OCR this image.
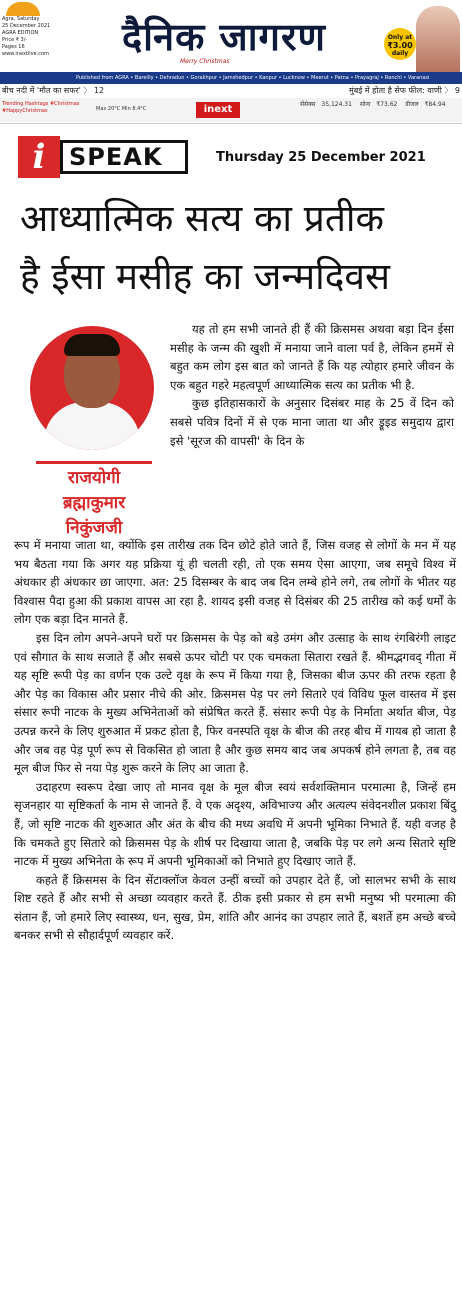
Agra, Saturday
25 December 2021
AGRA EDITION
Price ₹ 3/-
Pages 16
www.inextlive.com	दैनिक जागरण
Merry Christmas
Only at
₹3.00
daily
Published from AGRA • Bareilly • Dehradun • Gorakhpur • Jamshedpur • Kanpur • Lucknow • Meerut • Patna • Prayagraj • Ranchi • Varanasi
बीच नदी में 'मौत का सफर' 〉 12	मुंबई में होता है सेफ फील: वाणी 〉 9
Trending Hashtags #Christmas #HappyChristmas	Max 20°C Min 8.4°C	inext	सेंसेक्स 35,124.31 सोना ₹73.62 डीजल ₹84.94
i SPEAK	Thursday 25 December 2021
आध्यात्मिक सत्य का प्रतीक
है ईसा मसीह का जन्मदिवस
राजयोगी
ब्रह्माकुमार
निकुंजजी

यह तो हम सभी जानते ही हैं की क्रिसमस अथवा बड़ा दिन ईसा मसीह के जन्म की खुशी में मनाया जाने वाला पर्व है, लेकिन हममें से बहुत कम लोग इस बात को जानते हैं कि यह त्योहार हमारे जीवन के एक बहुत गहरे महत्वपूर्ण आध्यात्मिक सत्य का प्रतीक भी है.

कुछ इतिहासकारों के अनुसार दिसंबर माह के 25 वें दिन को सबसे पवित्र दिनों में से एक माना जाता था और ड्रूइड समुदाय द्वारा इसे 'सूरज की वापसी' के दिन के

रूप में मनाया जाता था, क्योंकि इस तारीख तक दिन छोटे होते जाते हैं, जिस वजह से लोगों के मन में यह भय बैठता गया कि अगर यह प्रक्रिया यूं ही चलती रही, तो एक समय ऐसा आएगा, जब समूचे विश्व में अंधकार ही अंधकार छा जाएगा. अत: 25 दिसम्बर के बाद जब दिन लम्बे होने लगे, तब लोगों के भीतर यह विश्वास पैदा हुआ की प्रकाश वापस आ रहा है. शायद इसी वजह से दिसंबर की 25 तारीख को कई धर्मों के लोग एक बड़ा दिन मानते हैं.

इस दिन लोग अपने-अपने घरों पर क्रिसमस के पेड़ को बड़े उमंग और उत्साह के साथ रंगबिरंगी लाइट एवं सौगात के साथ सजाते हैं और सबसे ऊपर चोटी पर एक चमकता सितारा रखते हैं. श्रीमद्भगवद् गीता में यह सृष्टि रूपी पेड़ का वर्णन एक उल्टे वृक्ष के रूप में किया गया है, जिसका बीज ऊपर की तरफ रहता है और पेड़ का विकास और प्रसार नीचे की ओर. क्रिसमस पेड़ पर लगे सितारे एवं विविध फूल वास्तव में इस संसार रूपी नाटक के मुख्य अभिनेताओं को संप्रेषित करते हैं. संसार रूपी पेड़ के निर्माता अर्थात बीज, पेड़ उत्पन्न करने के लिए शुरुआत में प्रकट होता है, फिर वनस्पति वृक्ष के बीज की तरह बीच में गायब हो जाता है और जब वह पेड़ पूर्ण रूप से विकसित हो जाता है और कुछ समय बाद जब अपकर्ष होने लगता है, तब वह मूल बीज फिर से नया पेड़ शुरू करने के लिए आ जाता है.

उदाहरण स्वरूप देखा जाए तो मानव वृक्ष के मूल बीज स्वयं सर्वशक्तिमान परमात्मा है, जिन्हें हम सृजनहार या सृष्टिकर्ता के नाम से जानते हैं. वे एक अदृश्य, अविभाज्य और अत्यल्प संवेदनशील प्रकाश बिंदु हैं, जो सृष्टि नाटक की शुरुआत और अंत के बीच की मध्य अवधि में अपनी भूमिका निभाते हैं. यही वजह है कि चमकते हुए सितारे को क्रिसमस पेड़ के शीर्ष पर दिखाया जाता है, जबकि पेड़ पर लगे अन्य सितारे सृष्टि नाटक में मुख्य अभिनेता के रूप में अपनी भूमिकाओं को निभाते हुए दिखाए जाते हैं.

कहते हैं क्रिसमस के दिन सेंटाक्लॉज केवल उन्हीं बच्चों को उपहार देते हैं, जो सालभर सभी के साथ शिष्ट रहते हैं और सभी से अच्छा व्यवहार करते हैं. ठीक इसी प्रकार से हम सभी मनुष्य भी परमात्मा की संतान हैं, जो हमारे लिए स्वास्थ्य, धन, सुख, प्रेम, शांति और आनंद का उपहार लाते हैं, बशर्ते हम अच्छे बच्चे बनकर सभी से सौहार्दपूर्ण व्यवहार करें.
